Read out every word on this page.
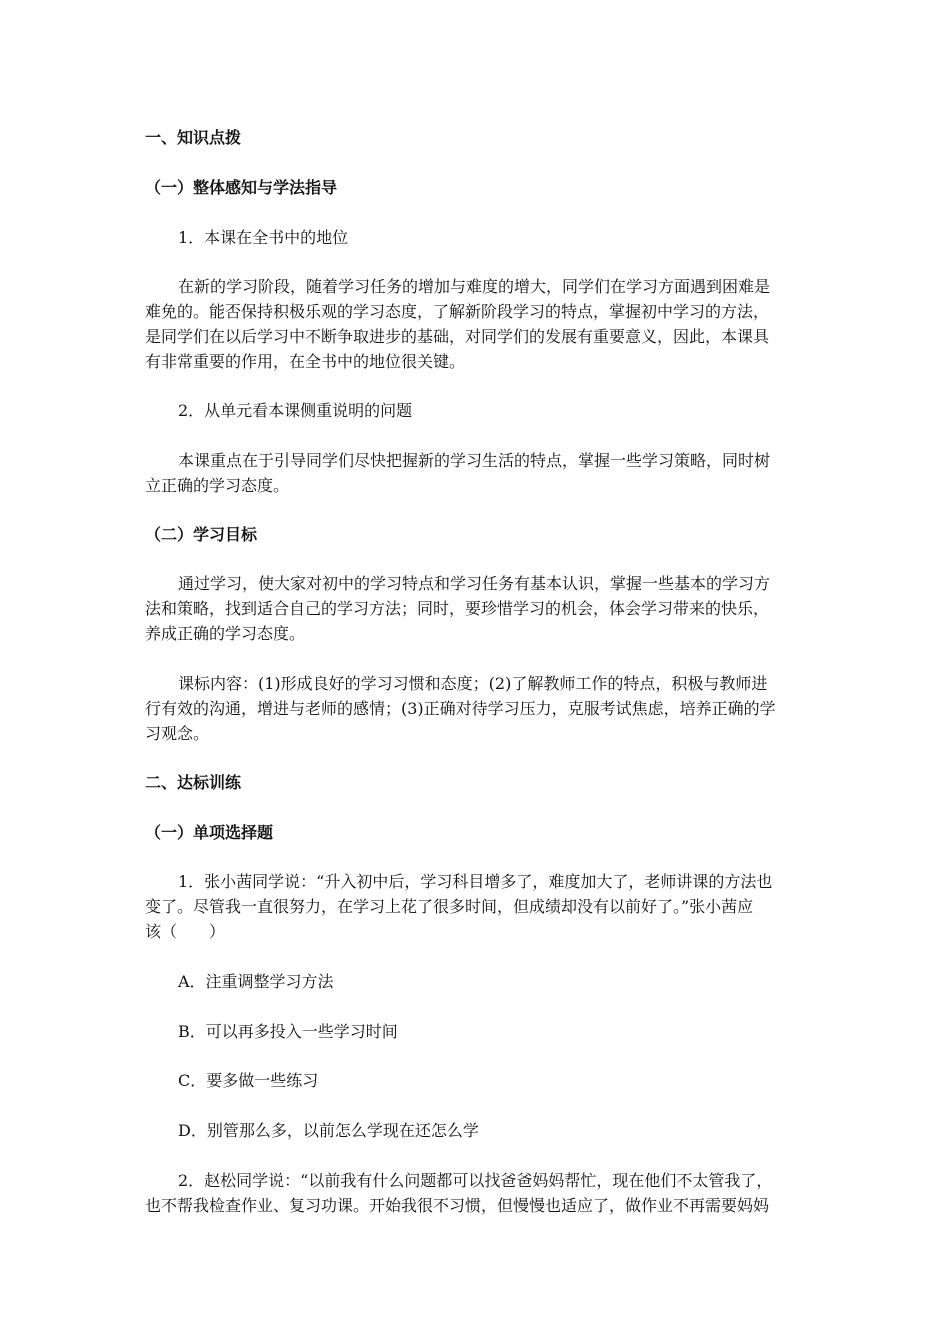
一、知识点拨
（一）整体感知与学法指导
1．本课在全书中的地位
在新的学习阶段，随着学习任务的增加与难度的增大，同学们在学习方面遇到困难是
难免的。能否保持积极乐观的学习态度，了解新阶段学习的特点，掌握初中学习的方法，
是同学们在以后学习中不断争取进步的基础，对同学们的发展有重要意义，因此，本课具
有非常重要的作用，在全书中的地位很关键。
2．从单元看本课侧重说明的问题
本课重点在于引导同学们尽快把握新的学习生活的特点，掌握一些学习策略，同时树
立正确的学习态度。
（二）学习目标
通过学习，使大家对初中的学习特点和学习任务有基本认识，掌握一些基本的学习方
法和策略，找到适合自己的学习方法；同时，要珍惜学习的机会，体会学习带来的快乐，
养成正确的学习态度。
课标内容：(1)形成良好的学习习惯和态度；(2)了解教师工作的特点，积极与教师进
行有效的沟通，增进与老师的感情；(3)正确对待学习压力，克服考试焦虑，培养正确的学
习观念。
二、达标训练
（一）单项选择题
1．张小茜同学说：“升入初中后，学习科目增多了，难度加大了，老师讲课的方法也
变了。尽管我一直很努力，在学习上花了很多时间，但成绩却没有以前好了。”张小茜应
该（　　）
A．注重调整学习方法
B．可以再多投入一些学习时间
C．要多做一些练习
D．别管那么多，以前怎么学现在还怎么学
2．赵松同学说：“以前我有什么问题都可以找爸爸妈妈帮忙，现在他们不太管我了，
也不帮我检查作业、复习功课。开始我很不习惯，但慢慢也适应了，做作业不再需要妈妈
